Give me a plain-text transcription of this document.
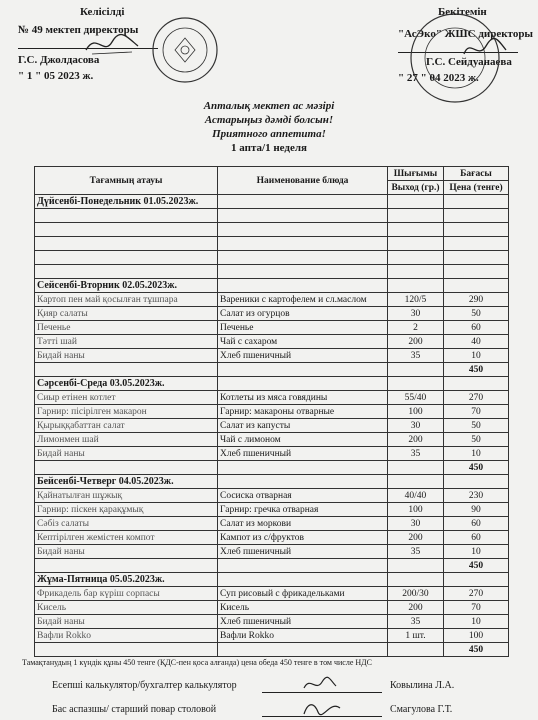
Келісілді
№ 49 мектеп директоры
Г.С. Джолдасова
" 1 " 05 2023 ж.
Бекітемін
"АсЭко" ЖШС директоры
Г.С. Сейдуанаева
" 27 " 04 2023 ж.
Апталық мектеп ас мәзірі
Астарыңыз дәмді болсын!
Приятного аппетита!
1 апта/1 неделя
Тағамның атауы	Наименование блюда	Шығымы	Бағасы
		Выход (гр.)	Цена (тенге)
Дүйсенбі-Понедельник 01.05.2023ж.			

Сейсенбі-Вторник 02.05.2023ж.			
Картоп пен май қосылған тұшпара	Вареники с картофелем и сл.маслом	120/5	290
Қияр салаты	Салат из огурцов	30	50
Печенье	Печенье	2	60
Тәтті шай	Чай с сахаром	200	40
Бидай наны	Хлеб пшеничный	35	10
			450
Сәрсенбі-Среда 03.05.2023ж.			
Сиыр етінен котлет	Котлеты из мяса говядины	55/40	270
Гарнир: пісірілген макарон	Гарнир: макароны отварные	100	70
Қырыққабаттан салат	Салат из капусты	30	50
Лимонмен шай	Чай с лимоном	200	50
Бидай наны	Хлеб пшеничный	35	10
			450
Бейсенбі-Четверг 04.05.2023ж.			
Қайнатылған шұжық	Сосиска отварная	40/40	230
Гарнир: піскен қарақұмық	Гарнир: гречка отварная	100	90
Сәбіз салаты	Салат из моркови	30	60
Кептірілген жемістен компот	Кампот из с/фруктов	200	60
Бидай наны	Хлеб пшеничный	35	10
			450
Жұма-Пятница 05.05.2023ж.			
Фрикадель бар күріш сорпасы	Суп рисовый с фрикадельками	200/30	270
Кисель	Кисель	200	70
Бидай наны	Хлеб пшеничный	35	10
Вафли Rokko	Вафли Rokko	1 шт.	100
			450
Тамақтанудың 1 күндік құны 450 тенге (ҚДС-пен қоса алғанда) цена обеда 450 тенге в том числе НДС
Есепші калькулятор/бухгалтер калькулятор	Ковылина Л.А.
Бас аспазшы/ старший повар столовой	Смагулова Г.Т.
